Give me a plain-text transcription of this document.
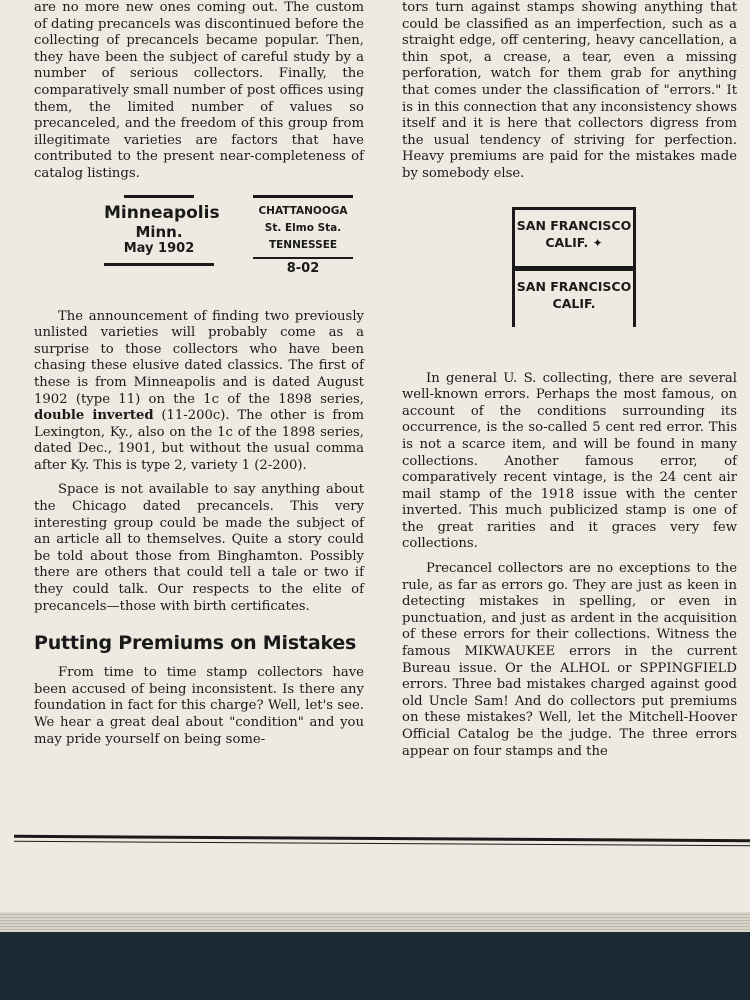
are no more new ones coming out. The custom of dating precancels was discontinued before the collecting of precancels became popular. Then, they have been the subject of careful study by a number of serious collectors. Finally, the comparatively small number of post offices using them, the limited number of values so precanceled, and the freedom of this group from illegitimate varieties are factors that have contributed to the present near-completeness of catalog listings.

Minneapolis
Minn.
May 1902
CHATTANOOGA
St. Elmo Sta.
TENNESSEE
8-02

The announcement of finding two previously unlisted varieties will probably come as a surprise to those collectors who have been chasing these elusive dated classics. The first of these is from Minneapolis and is dated August 1902 (type 11) on the 1c of the 1898 series, double inverted (11-200c). The other is from Lexington, Ky., also on the 1c of the 1898 series, dated Dec., 1901, but without the usual comma after Ky. This is type 2, variety 1 (2-200).

Space is not available to say anything about the Chicago dated precancels. This very interesting group could be made the subject of an article all to themselves. Quite a story could be told about those from Binghamton. Possibly there are others that could tell a tale or two if they could talk. Our respects to the elite of precancels—those with birth certificates.

Putting Premiums on Mistakes

From time to time stamp collectors have been accused of being inconsistent. Is there any foundation in fact for this charge? Well, let's see. We hear a great deal about "condition" and you may pride yourself on being some-

tors turn against stamps showing anything that could be classified as an imperfection, such as a straight edge, off centering, heavy cancellation, a thin spot, a crease, a tear, even a missing perforation, watch for them grab for anything that comes under the classification of "errors." It is in this connection that any inconsistency shows itself and it is here that collectors digress from the usual tendency of striving for perfection. Heavy premiums are paid for the mistakes made by somebody else.

SAN FRANCISCO
CALIF. ✦
SAN FRANCISCO
CALIF.

In general U. S. collecting, there are several well-known errors. Perhaps the most famous, on account of the conditions surrounding its occurrence, is the so-called 5 cent red error. This is not a scarce item, and will be found in many collections. Another famous error, of comparatively recent vintage, is the 24 cent air mail stamp of the 1918 issue with the center inverted. This much publicized stamp is one of the great rarities and it graces very few collections.

Precancel collectors are no exceptions to the rule, as far as errors go. They are just as keen in detecting mistakes in spelling, or even in punctuation, and just as ardent in the acquisition of these errors for their collections. Witness the famous MIKWAUKEE errors in the current Bureau issue. Or the ALHOL or SPPINGFIELD errors. Three bad mistakes charged against good old Uncle Sam! And do collectors put premiums on these mistakes? Well, let the Mitchell-Hoover Official Catalog be the judge. The three errors appear on four stamps and the
